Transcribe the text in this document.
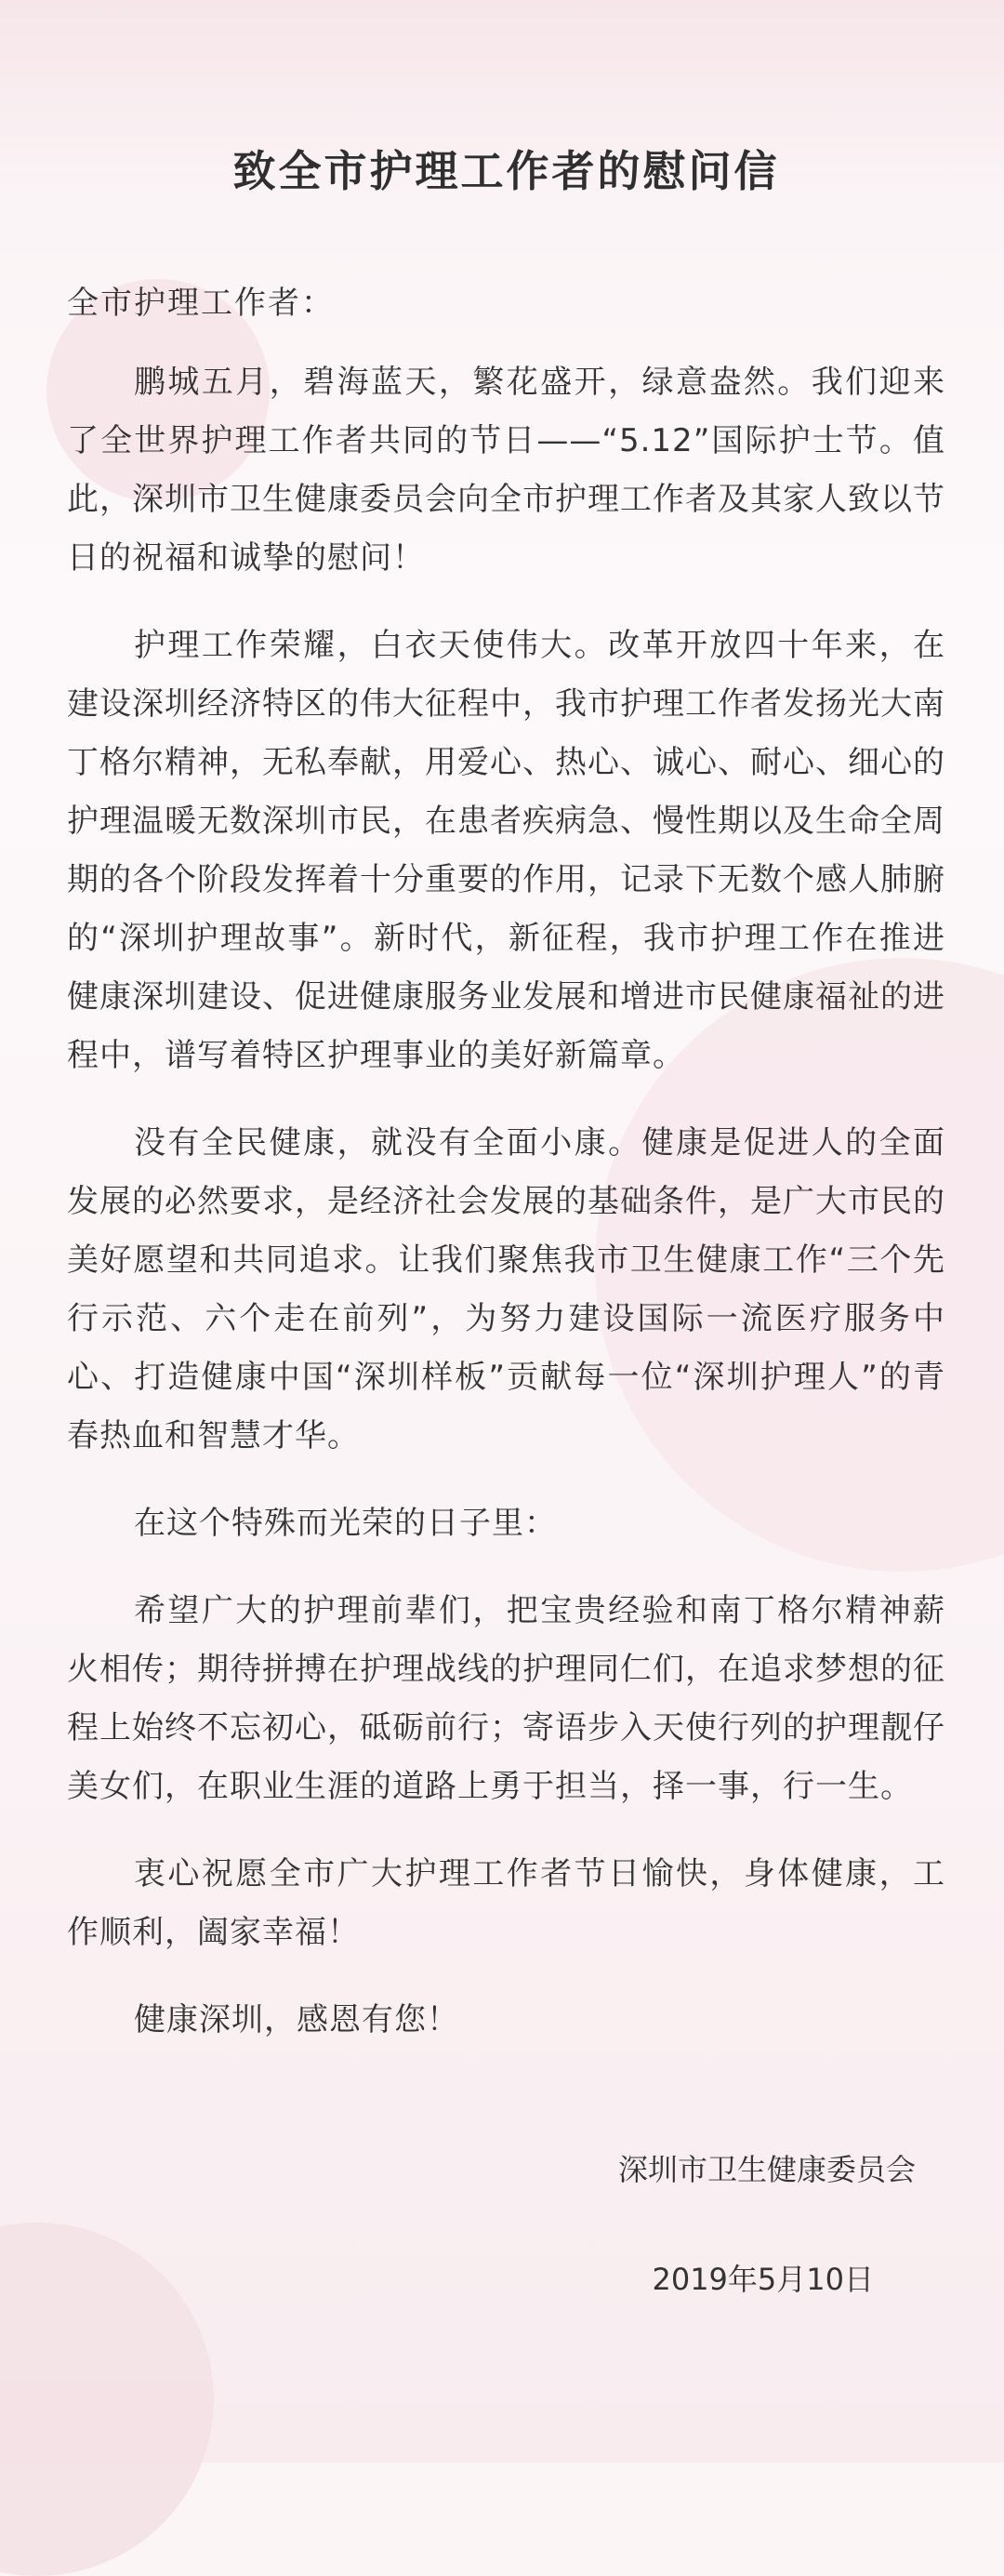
致全市护理工作者的慰问信

全市护理工作者：

鹏城五月，碧海蓝天，繁花盛开，绿意盎然。我们迎来了全世界护理工作者共同的节日——“5.12”国际护士节。值此，深圳市卫生健康委员会向全市护理工作者及其家人致以节日的祝福和诚挚的慰问！

护理工作荣耀，白衣天使伟大。改革开放四十年来，在建设深圳经济特区的伟大征程中，我市护理工作者发扬光大南丁格尔精神，无私奉献，用爱心、热心、诚心、耐心、细心的护理温暖无数深圳市民，在患者疾病急、慢性期以及生命全周期的各个阶段发挥着十分重要的作用，记录下无数个感人肺腑的“深圳护理故事”。新时代，新征程，我市护理工作在推进健康深圳建设、促进健康服务业发展和增进市民健康福祉的进程中，谱写着特区护理事业的美好新篇章。

没有全民健康，就没有全面小康。健康是促进人的全面发展的必然要求，是经济社会发展的基础条件，是广大市民的美好愿望和共同追求。让我们聚焦我市卫生健康工作“三个先行示范、六个走在前列”，为努力建设国际一流医疗服务中心、打造健康中国“深圳样板”贡献每一位“深圳护理人”的青春热血和智慧才华。

在这个特殊而光荣的日子里：

希望广大的护理前辈们，把宝贵经验和南丁格尔精神薪火相传；期待拼搏在护理战线的护理同仁们，在追求梦想的征程上始终不忘初心，砥砺前行；寄语步入天使行列的护理靓仔美女们，在职业生涯的道路上勇于担当，择一事，行一生。

衷心祝愿全市广大护理工作者节日愉快，身体健康，工作顺利，阖家幸福！

健康深圳，感恩有您！

深圳市卫生健康委员会

2019年5月10日
